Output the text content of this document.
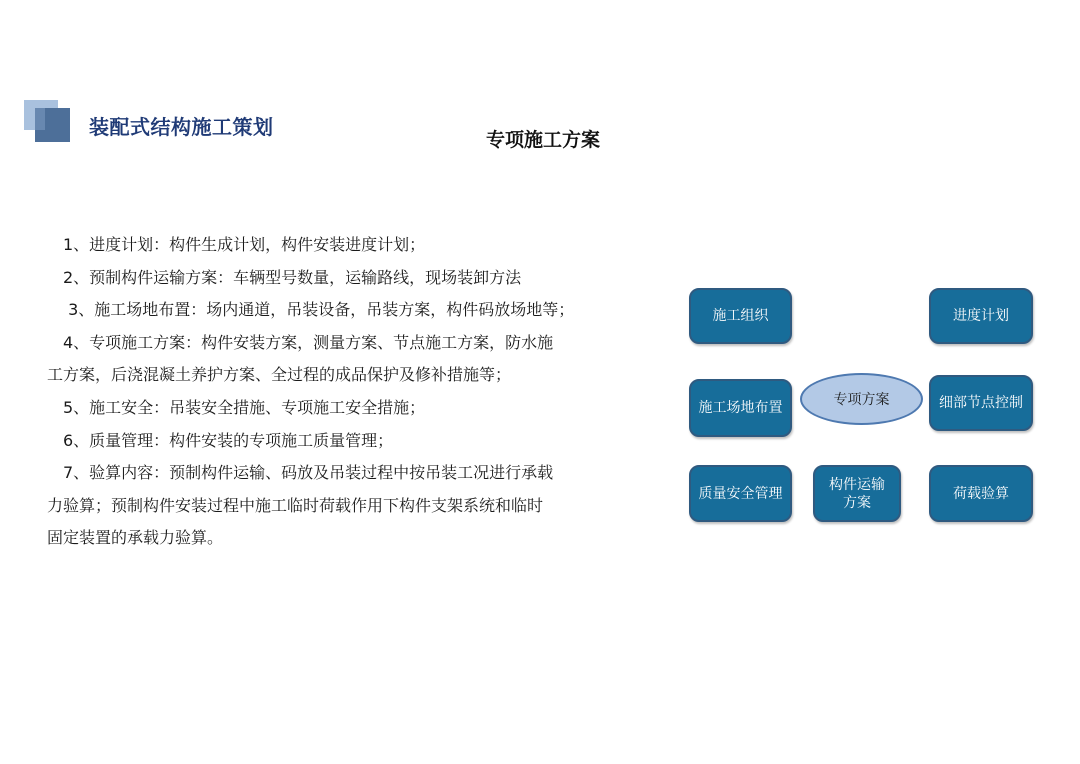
装配式结构施工策划
专项施工方案
　1、进度计划：构件生成计划，构件安装进度计划；
　2、预制构件运输方案：车辆型号数量，运输路线，现场装卸方法
　 3、施工场地布置：场内通道，吊装设备，吊装方案，构件码放场地等；
　4、专项施工方案：构件安装方案，测量方案、节点施工方案，防水施
工方案，后浇混凝土养护方案、全过程的成品保护及修补措施等；
　5、施工安全：吊装安全措施、专项施工安全措施；
　6、质量管理：构件安装的专项施工质量管理；
　7、验算内容：预制构件运输、码放及吊装过程中按吊装工况进行承载
力验算；预制构件安装过程中施工临时荷载作用下构件支架系统和临时
固定装置的承载力验算。
施工组织	进度计划
施工场地布置	专项方案	细部节点控制
质量安全管理
构件运输方案
荷载验算
